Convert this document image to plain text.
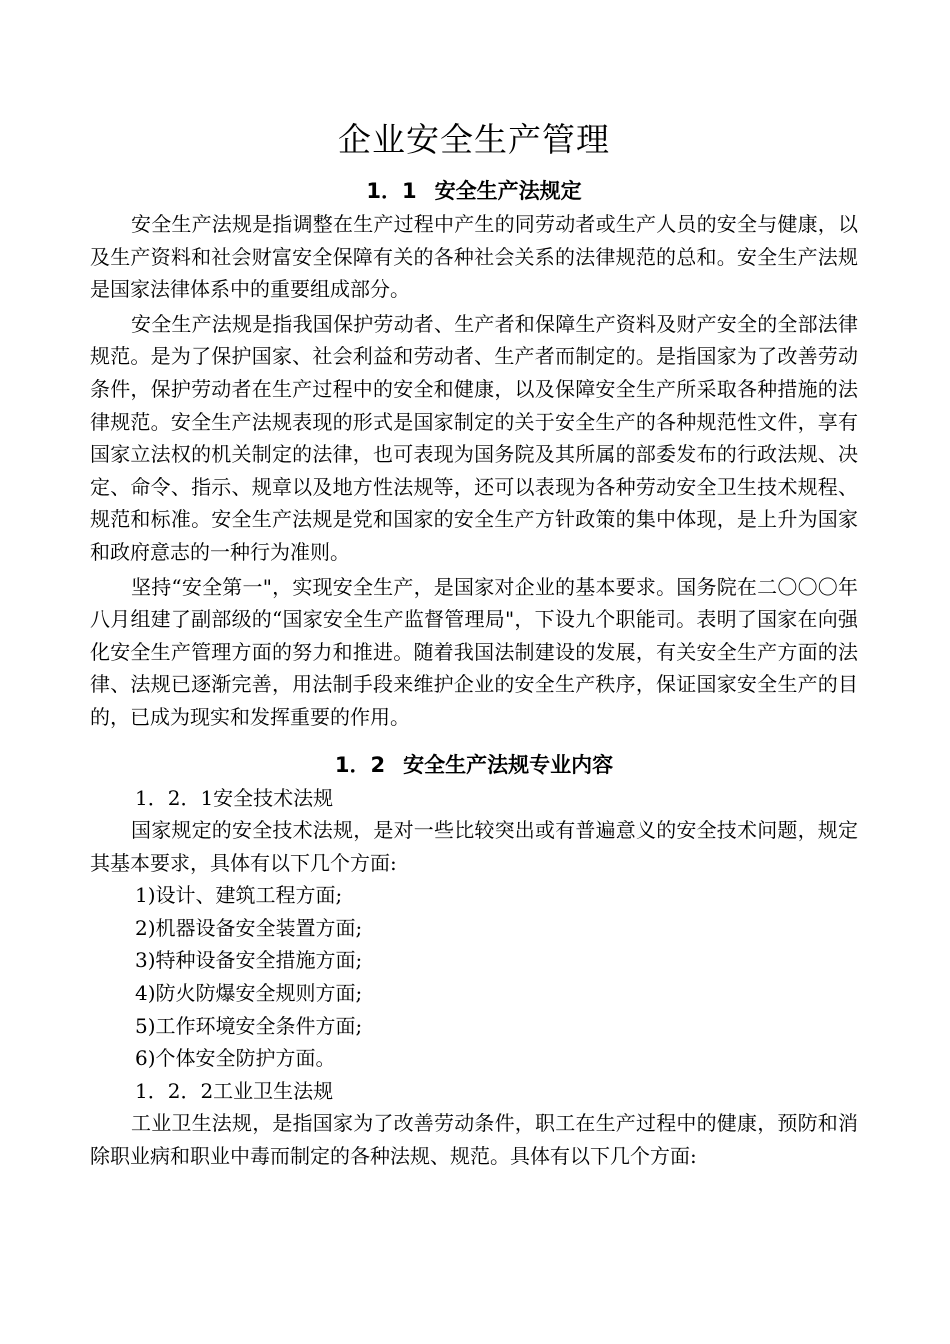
企业安全生产管理
1．1 安全生产法规定

安全生产法规是指调整在生产过程中产生的同劳动者或生产人员的安全与健康，以及生产资料和社会财富安全保障有关的各种社会关系的法律规范的总和。安全生产法规是国家法律体系中的重要组成部分。

安全生产法规是指我国保护劳动者、生产者和保障生产资料及财产安全的全部法律规范。是为了保护国家、社会利益和劳动者、生产者而制定的。是指国家为了改善劳动条件，保护劳动者在生产过程中的安全和健康，以及保障安全生产所采取各种措施的法律规范。安全生产法规表现的形式是国家制定的关于安全生产的各种规范性文件，享有国家立法权的机关制定的法律，也可表现为国务院及其所属的部委发布的行政法规、决定、命令、指示、规章以及地方性法规等，还可以表现为各种劳动安全卫生技术规程、规范和标准。安全生产法规是党和国家的安全生产方针政策的集中体现，是上升为国家和政府意志的一种行为准则。

坚持“安全第一"，实现安全生产，是国家对企业的基本要求。国务院在二〇〇〇年八月组建了副部级的“国家安全生产监督管理局"，下设九个职能司。表明了国家在向强化安全生产管理方面的努力和推进。随着我国法制建设的发展，有关安全生产方面的法律、法规已逐渐完善，用法制手段来维护企业的安全生产秩序，保证国家安全生产的目的，已成为现实和发挥重要的作用。

1．2 安全生产法规专业内容

1．2．1安全技术法规

国家规定的安全技术法规，是对一些比较突出或有普遍意义的安全技术问题，规定其基本要求，具体有以下几个方面:

1)设计、建筑工程方面;

2)机器设备安全装置方面;

3)特种设备安全措施方面;

4)防火防爆安全规则方面;

5)工作环境安全条件方面;

6)个体安全防护方面。

1．2．2工业卫生法规

工业卫生法规，是指国家为了改善劳动条件，职工在生产过程中的健康，预防和消除职业病和职业中毒而制定的各种法规、规范。具体有以下几个方面:
